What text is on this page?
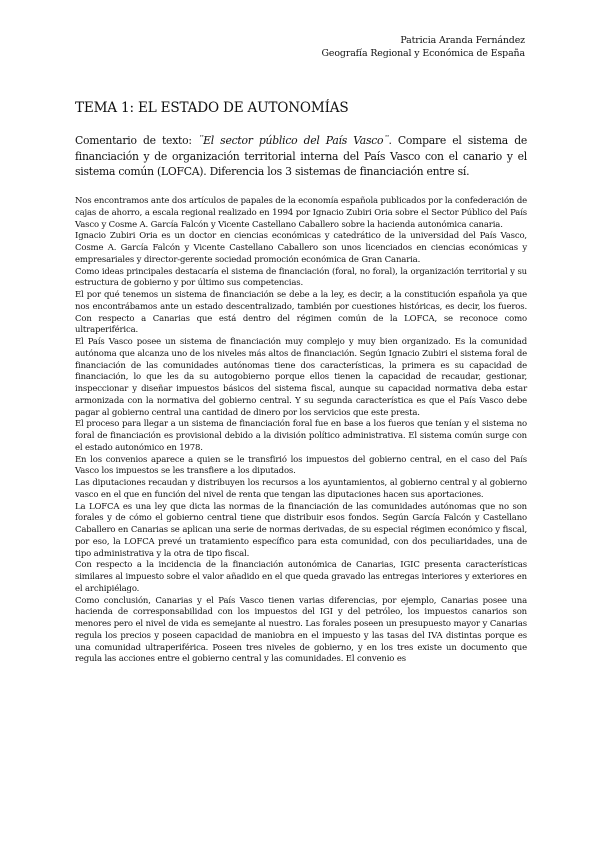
Patricia Aranda Fernández
Geografía Regional y Económica de España
TEMA 1: EL ESTADO DE AUTONOMÍAS

Comentario de texto: ¨El sector público del País Vasco¨. Compare el sistema de financiación y de organización territorial interna del País Vasco con el canario y el sistema común (LOFCA). Diferencia los 3 sistemas de financiación entre sí.

Nos encontramos ante dos artículos de papales de la economía española publicados por la confederación de cajas de ahorro, a escala regional realizado en 1994 por Ignacio Zubiri Oria sobre el Sector Público del País Vasco y Cosme A. García Falcón y Vicente Castellano Caballero sobre la hacienda autonómica canaria.

Ignacio Zubiri Oria es un doctor en ciencias económicas y catedrático de la universidad del País Vasco, Cosme A. García Falcón y Vicente Castellano Caballero son unos licenciados en ciencias económicas y empresariales y director-gerente sociedad promoción económica de Gran Canaria.

Como ideas principales destacaría el sistema de financiación (foral, no foral), la organización territorial y su estructura de gobierno y por último sus competencias.

El por qué tenemos un sistema de financiación se debe a la ley, es decir, a la constitución española ya que nos encontrábamos ante un estado descentralizado, también por cuestiones históricas, es decir, los fueros. Con respecto a Canarias que está dentro del régimen común de la LOFCA, se reconoce como ultraperiférica.

El País Vasco posee un sistema de financiación muy complejo y muy bien organizado. Es la comunidad autónoma que alcanza uno de los niveles más altos de financiación. Según Ignacio Zubiri el sistema foral de financiación de las comunidades autónomas tiene dos características, la primera es su capacidad de financiación, lo que les da su autogobierno porque ellos tienen la capacidad de recaudar, gestionar, inspeccionar y diseñar impuestos básicos del sistema fiscal, aunque su capacidad normativa deba estar armonizada con la normativa del gobierno central. Y su segunda característica es que el País Vasco debe pagar al gobierno central una cantidad de dinero por los servicios que este presta.

El proceso para llegar a un sistema de financiación foral fue en base a los fueros que tenían y el sistema no foral de financiación es provisional debido a la división político administrativa. El sistema común surge con el estado autonómico en 1978.

En los convenios aparece a quien se le transfirió los impuestos del gobierno central, en el caso del País Vasco los impuestos se les transfiere a los diputados.

Las diputaciones recaudan y distribuyen los recursos a los ayuntamientos, al gobierno central y al gobierno vasco en el que en función del nivel de renta que tengan las diputaciones hacen sus aportaciones.

La LOFCA es una ley que dicta las normas de la financiación de las comunidades autónomas que no son forales y de cómo el gobierno central tiene que distribuir esos fondos. Según García Falcón y Castellano Caballero en Canarias se aplican una serie de normas derivadas, de su especial régimen económico y fiscal, por eso, la LOFCA prevé un tratamiento específico para esta comunidad, con dos peculiaridades, una de tipo administrativa y la otra de tipo fiscal.

Con respecto a la incidencia de la financiación autonómica de Canarias, IGIC presenta características similares al impuesto sobre el valor añadido en el que queda gravado las entregas interiores y exteriores en el archipiélago.

Como conclusión, Canarias y el País Vasco tienen varias diferencias, por ejemplo, Canarias posee una hacienda de corresponsabilidad con los impuestos del IGI y del petróleo, los impuestos canarios son menores pero el nivel de vida es semejante al nuestro. Las forales poseen un presupuesto mayor y Canarias regula los precios y poseen capacidad de maniobra en el impuesto y las tasas del IVA distintas porque es una comunidad ultraperiférica. Poseen tres niveles de gobierno, y en los tres existe un documento que regula las acciones entre el gobierno central y las comunidades. El convenio es
